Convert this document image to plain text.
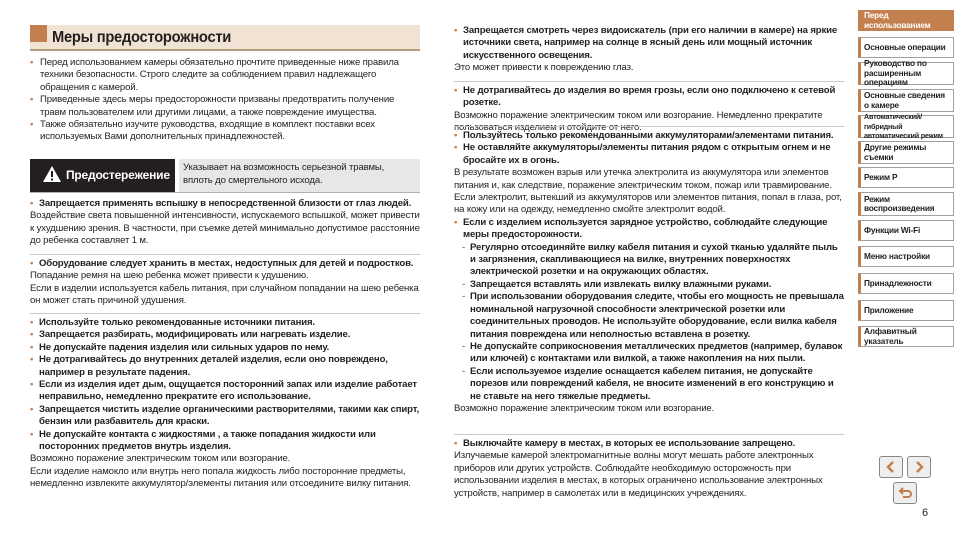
Меры предосторожности
• Перед использованием камеры обязательно прочтите приведенные ниже правила техники безопасности. Строго следите за соблюдением правил надлежащего обращения с камерой.
• Приведенные здесь меры предосторожности призваны предотвратить получение травм пользователем или другими лицами, а также повреждение имущества.
• Также обязательно изучите руководства, входящие в комплект поставки всех используемых Вами дополнительных принадлежностей.
Предостережение
Указывает на возможность серьезной травмы, вплоть до смертельного исхода.
• Запрещается применять вспышку в непосредственной близости от глаз людей.
Воздействие света повышенной интенсивности, испускаемого вспышкой, может привести к ухудшению зрения. В частности, при съемке детей минимально допустимое расстояние до ребенка составляет 1 м.
• Оборудование следует хранить в местах, недоступных для детей и подростков.
Попадание ремня на шею ребенка может привести к удушению.
Если в изделии используется кабель питания, при случайном попадании на шею ребенка он может стать причиной удушения.
• Используйте только рекомендованные источники питания.
• Запрещается разбирать, модифицировать или нагревать изделие.
• Не допускайте падения изделия или сильных ударов по нему.
• Не дотрагивайтесь до внутренних деталей изделия, если оно повреждено, например в результате падения.
• Если из изделия идет дым, ощущается посторонний запах или изделие работает неправильно, немедленно прекратите его использование.
• Запрещается чистить изделие органическими растворителями, такими как спирт, бензин или разбавитель для краски.
• Не допускайте контакта с жидкостями , а также попадания жидкости или посторонних предметов внутрь изделия.
Возможно поражение электрическим током или возгорание.
Если изделие намокло или внутрь него попала жидкость либо посторонние предметы, немедленно извлеките аккумулятор/элементы питания или отсоедините вилку питания.
• Запрещается смотреть через видоискатель (при его наличии в камере) на яркие источники света, например на солнце в ясный день или мощный источник искусственного освещения.
Это может привести к повреждению глаз.
• Не дотрагивайтесь до изделия во время грозы, если оно подключено к сетевой розетке.
Возможно поражение электрическим током или возгорание. Немедленно прекратите пользоваться изделием и отойдите от него.
• Пользуйтесь только рекомендованными аккумуляторами/элементами питания.
• Не оставляйте аккумуляторы/элементы питания рядом с открытым огнем и не бросайте их в огонь.
В результате возможен взрыв или утечка электролита из аккумулятора или элементов питания и, как следствие, поражение электрическим током, пожар или травмирование. Если электролит, вытекший из аккумуляторов или элементов питания, попал в глаза, рот, на кожу или на одежду, немедленно смойте электролит водой.
• Если с изделием используется зарядное устройство, соблюдайте следующие меры предосторожности.
- Регулярно отсоединяйте вилку кабеля питания и сухой тканью удаляйте пыль и загрязнения, скапливающиеся на вилке, внутренних поверхностях электрической розетки и на окружающих областях.
- Запрещается вставлять или извлекать вилку влажными руками.
- При использовании оборудования следите, чтобы его мощность не превышала номинальной нагрузочной способности электрической розетки или соединительных проводов. Не используйте оборудование, если вилка кабеля питания повреждена или неполностью вставлена в розетку.
- Не допускайте соприкосновения металлических предметов (например, булавок или ключей) с контактами или вилкой, а также накопления на них пыли.
- Если используемое изделие оснащается кабелем питания, не допускайте порезов или повреждений кабеля, не вносите изменений в его конструкцию и не ставьте на него тяжелые предметы.
Возможно поражение электрическим током или возгорание.
• Выключайте камеру в местах, в которых ее использование запрещено.
Излучаемые камерой электромагнитные волны могут мешать работе электронных приборов или других устройств. Соблюдайте необходимую осторожность при использовании изделия в местах, в которых ограничено использование электронных устройств, например в самолетах или в медицинских учреждениях.
Перед использованием
Основные операции
Руководство по расширенным операциям
Основные сведения о камере
Автоматический/гибридный автоматический режим
Другие режимы съемки
Режим P
Режим воспроизведения
Функции Wi-Fi
Меню настройки
Принадлежности
Приложение
Алфавитный указатель
6
